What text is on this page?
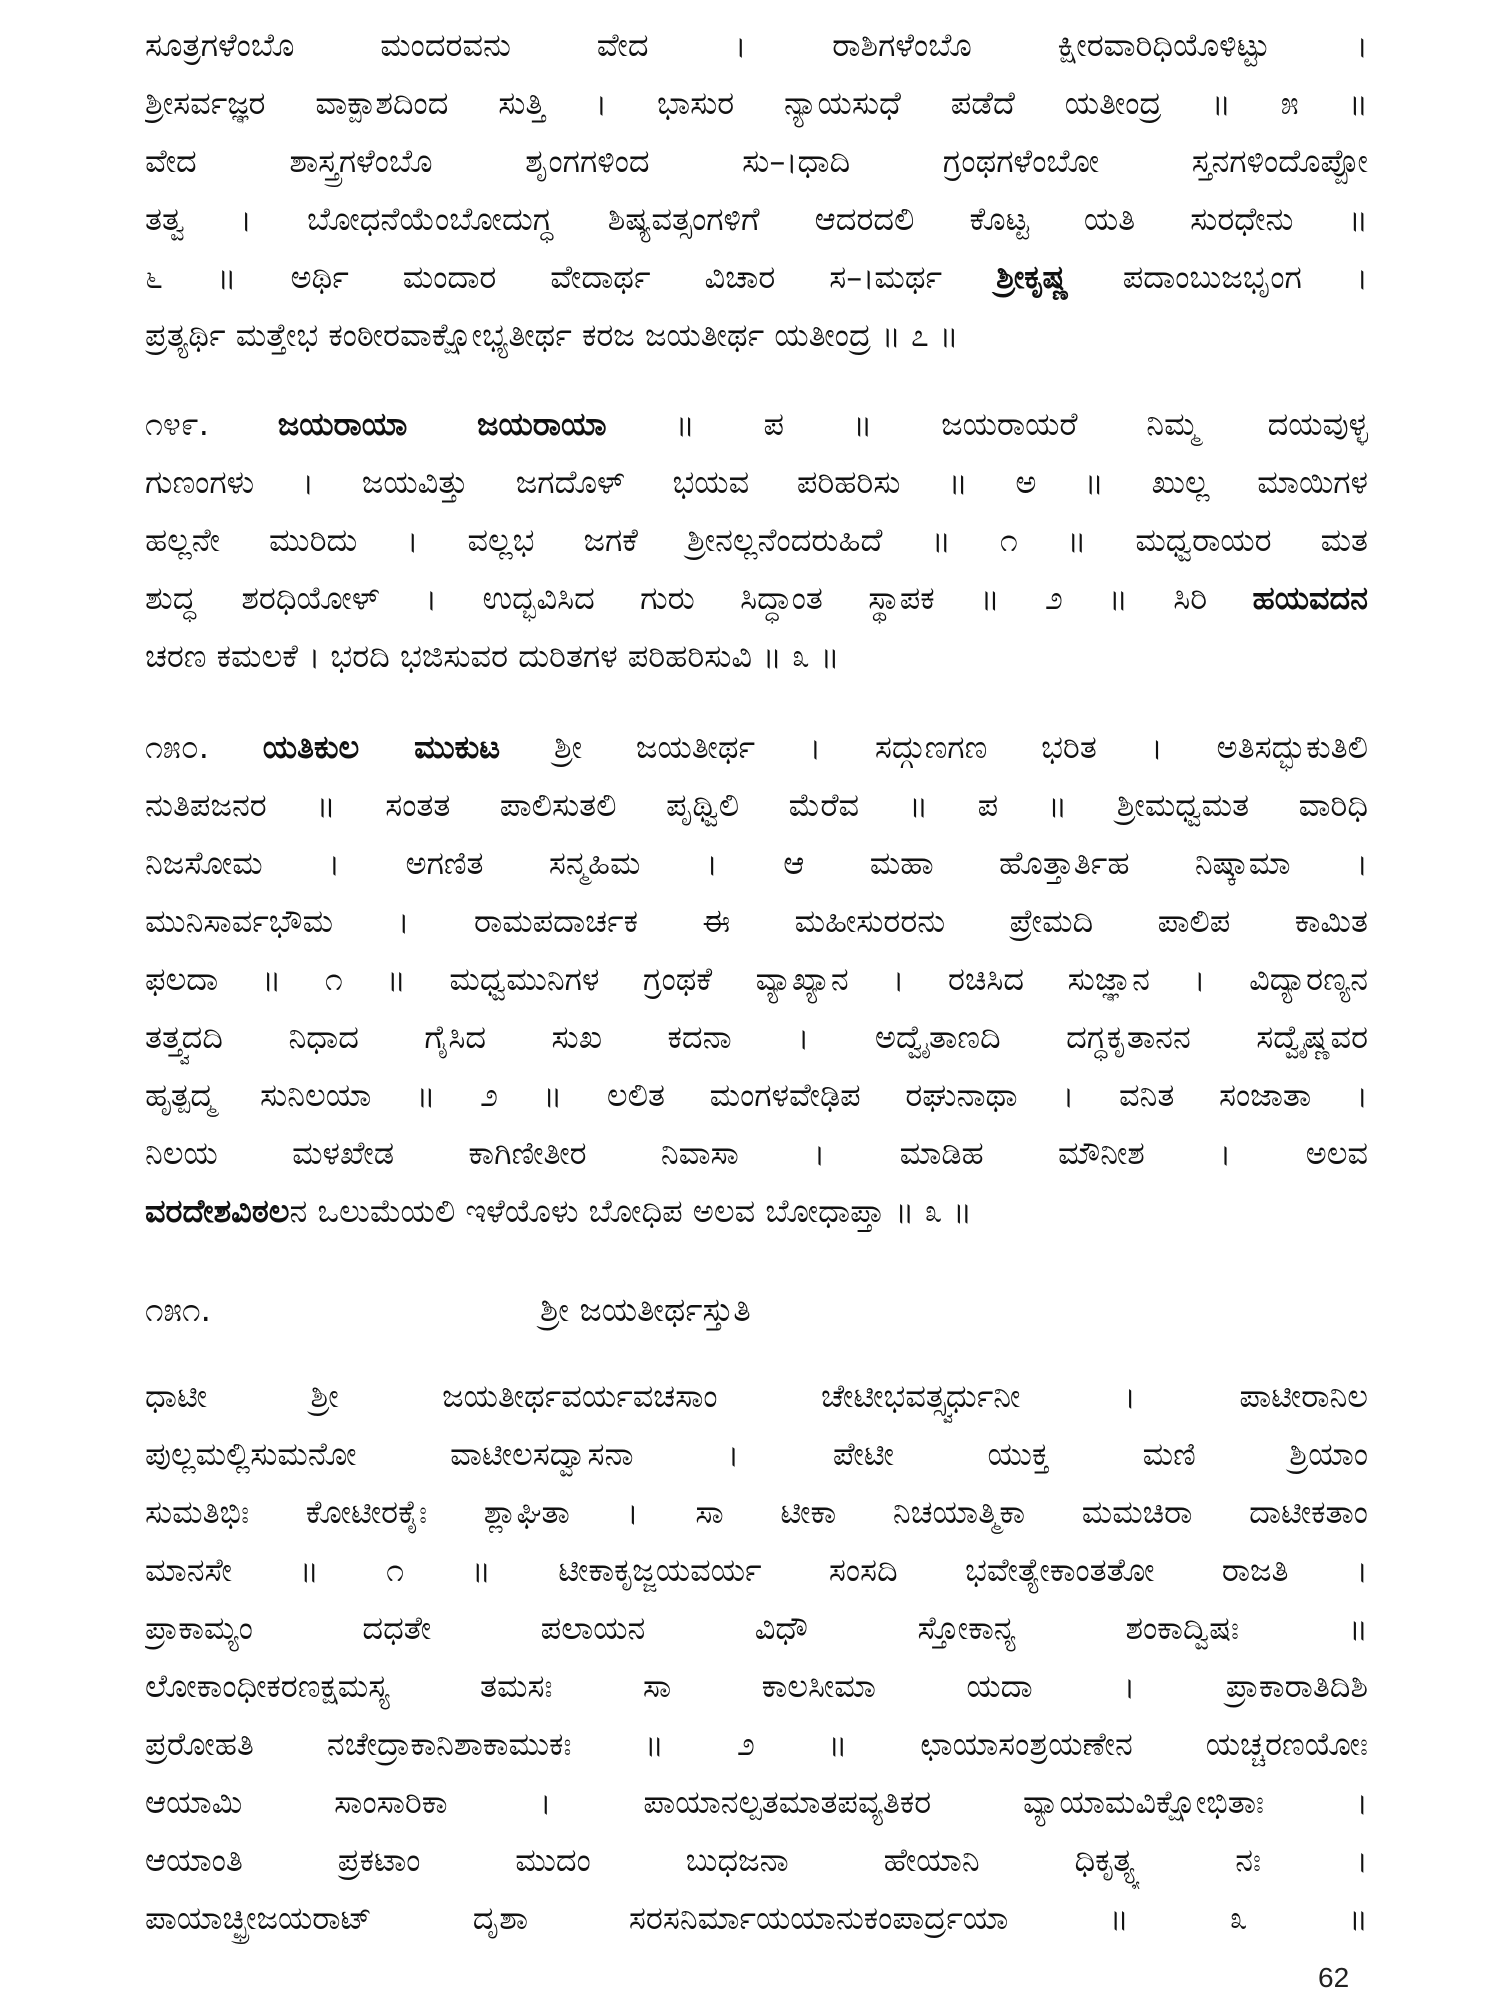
ಸೂತ್ರಗಳೆಂಬೊ ಮಂದರವನು ವೇದ । ರಾಶಿಗಳೆಂಬೊ ಕ್ಷೀರವಾರಿಧಿಯೊಳಿಟ್ಟು ।
ಶ್ರೀಸರ್ವಜ್ಞರ ವಾಕ್ಪಾಶದಿಂದ ಸುತ್ತಿ । ಭಾಸುರ ನ್ಯಾಯಸುಧೆ ಪಡೆದೆ ಯತೀಂದ್ರ ॥ ೫ ॥
ವೇದ ಶಾಸ್ತ್ರಗಳೆಂಬೊ ಶೃಂಗಗಳಿಂದ ಸು–।ಧಾದಿ ಗ್ರಂಥಗಳೆಂಬೋ ಸ್ತನಗಳಿಂದೊಪ್ಪೋ
ತತ್ವ । ಬೋಧನೆಯೆಂಬೋದುಗ್ಧ ಶಿಷ್ಯವತ್ಸಂಗಳಿಗೆ ಆದರದಲಿ ಕೊಟ್ಟ ಯತಿ ಸುರಧೇನು ॥
೬ ॥ ಅರ್ಥಿ ಮಂದಾರ ವೇದಾರ್ಥ ವಿಚಾರ ಸ–।ಮರ್ಥ ಶ್ರೀಕೃಷ್ಣ ಪದಾಂಬುಜಭೃಂಗ ।
ಪ್ರತ್ಯರ್ಥಿ ಮತ್ತೇಭ ಕಂಠೀರವಾಕ್ಷೋಭ್ಯತೀರ್ಥ ಕರಜ ಜಯತೀರ್ಥ ಯತೀಂದ್ರ ॥ ೭ ॥
೧೪೯. ಜಯರಾಯಾ ಜಯರಾಯಾ ॥ ಪ ॥ ಜಯರಾಯರೆ ನಿಮ್ಮ ದಯವುಳ್ಳ
ಗುಣಂಗಳು । ಜಯವಿತ್ತು ಜಗದೊಳ್ ಭಯವ ಪರಿಹರಿಸು ॥ ಅ ॥ ಖುಲ್ಲ ಮಾಯಿಗಳ
ಹಲ್ಲನೇ ಮುರಿದು । ವಲ್ಲಭ ಜಗಕೆ ಶ್ರೀನಲ್ಲನೆಂದರುಹಿದೆ ॥ ೧ ॥ ಮಧ್ವರಾಯರ ಮತ
ಶುದ್ಧ ಶರಧಿಯೋಳ್ । ಉದ್ಭವಿಸಿದ ಗುರು ಸಿದ್ಧಾಂತ ಸ್ಥಾಪಕ ॥ ೨ ॥ ಸಿರಿ ಹಯವದನ
ಚರಣ ಕಮಲಕೆ । ಭರದಿ ಭಜಿಸುವರ ದುರಿತಗಳ ಪರಿಹರಿಸುವಿ ॥ ೩ ॥
೧೫೦. ಯತಿಕುಲ ಮುಕುಟ ಶ್ರೀ ಜಯತೀರ್ಥ । ಸದ್ಗುಣಗಣ ಭರಿತ । ಅತಿಸದ್ಭುಕುತಿಲಿ
ನುತಿಪಜನರ ॥ ಸಂತತ ಪಾಲಿಸುತಲಿ ಪೃಥ್ವಿಲಿ ಮೆರೆವ ॥ ಪ ॥ ಶ್ರೀಮಧ್ವಮತ ವಾರಿಧಿ
ನಿಜಸೋಮ । ಅಗಣಿತ ಸನ್ಮಹಿಮ । ಆ ಮಹಾ ಹೊತ್ತಾರ್ತಿಹ ನಿಷ್ಕಾಮಾ ।
ಮುನಿಸಾರ್ವಭೌಮ । ರಾಮಪದಾರ್ಚಕ ಈ ಮಹೀಸುರರನು ಪ್ರೇಮದಿ ಪಾಲಿಪ ಕಾಮಿತ
ಫಲದಾ ॥ ೧ ॥ ಮಧ್ವಮುನಿಗಳ ಗ್ರಂಥಕೆ ವ್ಯಾಖ್ಯಾನ । ರಚಿಸಿದ ಸುಜ್ಞಾನ । ವಿದ್ಯಾರಣ್ಯನ
ತತ್ತ್ವದದಿ ನಿಧಾದ ಗೈಸಿದ ಸುಖ ಕದನಾ । ಅದ್ವೈತಾಣದಿ ದಗ್ಧಕೃತಾನನ ಸದ್ವೈಷ್ಣವರ
ಹೃತ್ಪದ್ಮ ಸುನಿಲಯಾ ॥ ೨ ॥ ಲಲಿತ ಮಂಗಳವೇಢಿಪ ರಘುನಾಥಾ । ವನಿತ ಸಂಜಾತಾ ।
ನಿಲಯ ಮಳಖೇಡ ಕಾಗಿಣೀತೀರ ನಿವಾಸಾ । ಮಾಡಿಹ ಮೌನೀಶ । ಅಲವ
ವರದೇಶವಿಠಲನ ಒಲುಮೆಯಲಿ ಇಳೆಯೊಳು ಬೋಧಿಪ ಅಲವ ಬೋಧಾಪ್ತಾ ॥ ೩ ॥
೧೫೧.	ಶ್ರೀ ಜಯತೀರ್ಥಸ್ತುತಿ
ಧಾಟೀ ಶ್ರೀ ಜಯತೀರ್ಥವರ್ಯವಚಸಾಂ ಚೇಟೀಭವತ್ಸ್ವರ್ಧುನೀ । ಪಾಟೀರಾನಿಲ
ಪುಲ್ಲಮಲ್ಲಿಸುಮನೋ ವಾಟೀಲಸದ್ವಾಸನಾ । ಪೇಟೀ ಯುಕ್ತ ಮಣಿ ಶ್ರಿಯಾಂ
ಸುಮತಿಭಿಃ ಕೋಟೀರಕೈಃ ಶ್ಲಾಘಿತಾ । ಸಾ ಟೀಕಾ ನಿಚಯಾತ್ಮಿಕಾ ಮಮಚಿರಾ ದಾಟೀಕತಾಂ
ಮಾನಸೇ ॥ ೧ ॥ ಟೀಕಾಕೃಜ್ಜಯವರ್ಯ ಸಂಸದಿ ಭವೇತ್ಯೇಕಾಂತತೋ ರಾಜತಿ ।
ಪ್ರಾಕಾಮ್ಯಂ ದಧತೇ ಪಲಾಯನ ವಿಧೌ ಸ್ತೋಕಾನ್ಯ ಶಂಕಾದ್ವಿಷಃ ॥
ಲೋಕಾಂಧೀಕರಣಕ್ಷಮಸ್ಯ ತಮಸಃ ಸಾ ಕಾಲಸೀಮಾ ಯದಾ । ಪ್ರಾಕಾರಾತಿದಿಶಿ
ಪ್ರರೋಹತಿ ನಚೇದ್ರಾಕಾನಿಶಾಕಾಮುಕಃ ॥ ೨ ॥ ಛಾಯಾಸಂಶ್ರಯಣೇನ ಯಚ್ಚರಣಯೋಃ
ಆಯಾಮಿ ಸಾಂಸಾರಿಕಾ । ಪಾಯಾನಲ್ಪತಮಾತಪವ್ಯತಿಕರ ವ್ಯಾಯಾಮವಿಕ್ಷೋಭಿತಾಃ ।
ಆಯಾಂತಿ ಪ್ರಕಟಾಂ ಮುದಂ ಬುಧಜನಾ ಹೇಯಾನಿ ಧಿಕೃತ್ಯ್ಯ ನಃ ।
ಪಾಯಾಚ್ಛ್ರೀಜಯರಾಟ್ ದೃಶಾ ಸರಸನಿರ್ಮಾಯಯಾನುಕಂಪಾರ್ದ್ರಯಾ ॥ ೩ ॥
62
